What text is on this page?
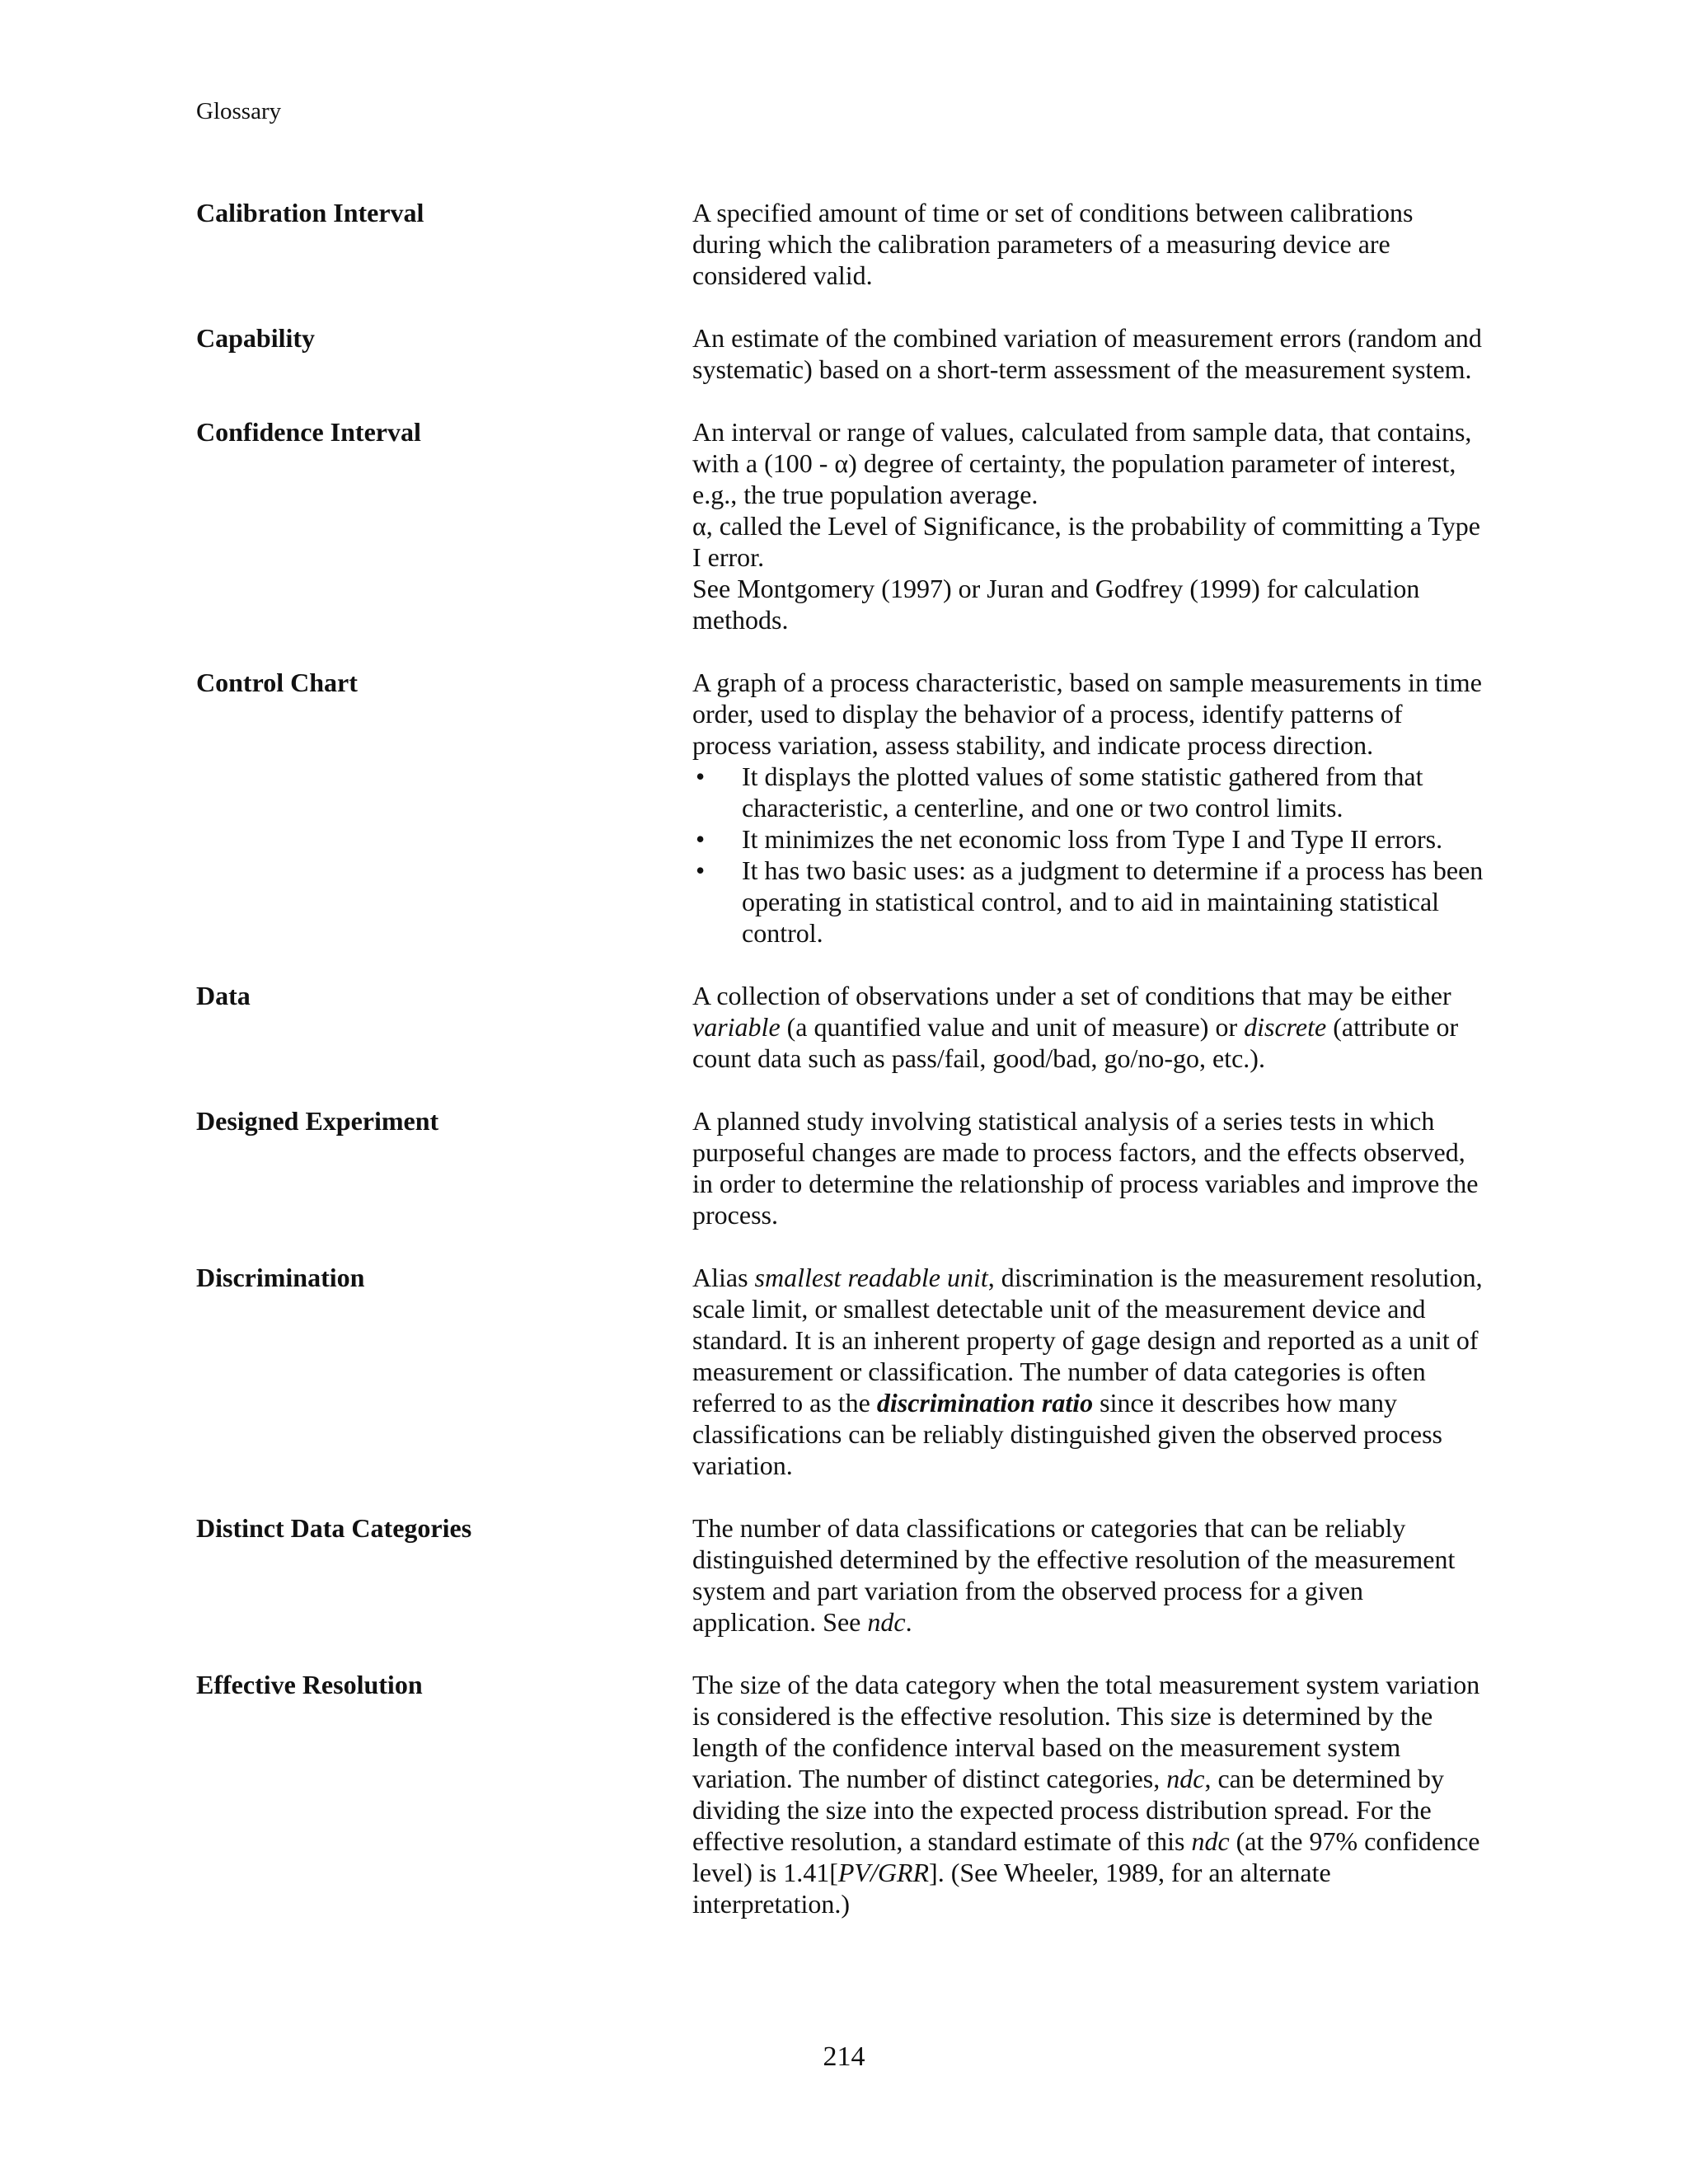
Glossary
Calibration Interval	A specified amount of time or set of conditions between calibrations during which the calibration parameters of a measuring device are considered valid.

Capability	An estimate of the combined variation of measurement errors (random and systematic) based on a short-term assessment of the measurement system.

Confidence Interval	An interval or range of values, calculated from sample data, that contains, with a (100 - α) degree of certainty, the population parameter of interest, e.g., the true population average.

α, called the Level of Significance, is the probability of committing a Type I error.

See Montgomery (1997) or Juran and Godfrey (1999) for calculation methods.

Control Chart	A graph of a process characteristic, based on sample measurements in time order, used to display the behavior of a process, identify patterns of process variation, assess stability, and indicate process direction.

• It displays the plotted values of some statistic gathered from that characteristic, a centerline, and one or two control limits.
• It minimizes the net economic loss from Type I and Type II errors.
• It has two basic uses: as a judgment to determine if a process has been operating in statistical control, and to aid in maintaining statistical control.
Data	A collection of observations under a set of conditions that may be either variable (a quantified value and unit of measure) or discrete (attribute or count data such as pass/fail, good/bad, go/no-go, etc.).

Designed Experiment	A planned study involving statistical analysis of a series tests in which purposeful changes are made to process factors, and the effects observed, in order to determine the relationship of process variables and improve the process.

Discrimination	Alias smallest readable unit, discrimination is the measurement resolution, scale limit, or smallest detectable unit of the measurement device and standard. It is an inherent property of gage design and reported as a unit of measurement or classification. The number of data categories is often referred to as the discrimination ratio since it describes how many classifications can be reliably distinguished given the observed process variation.

Distinct Data Categories	The number of data classifications or categories that can be reliably distinguished determined by the effective resolution of the measurement system and part variation from the observed process for a given application. See ndc.

Effective Resolution	The size of the data category when the total measurement system variation is considered is the effective resolution. This size is determined by the length of the confidence interval based on the measurement system variation. The number of distinct categories, ndc, can be determined by dividing the size into the expected process distribution spread. For the effective resolution, a standard estimate of this ndc (at the 97% confidence level) is 1.41[PV/GRR]. (See Wheeler, 1989, for an alternate interpretation.)

214
